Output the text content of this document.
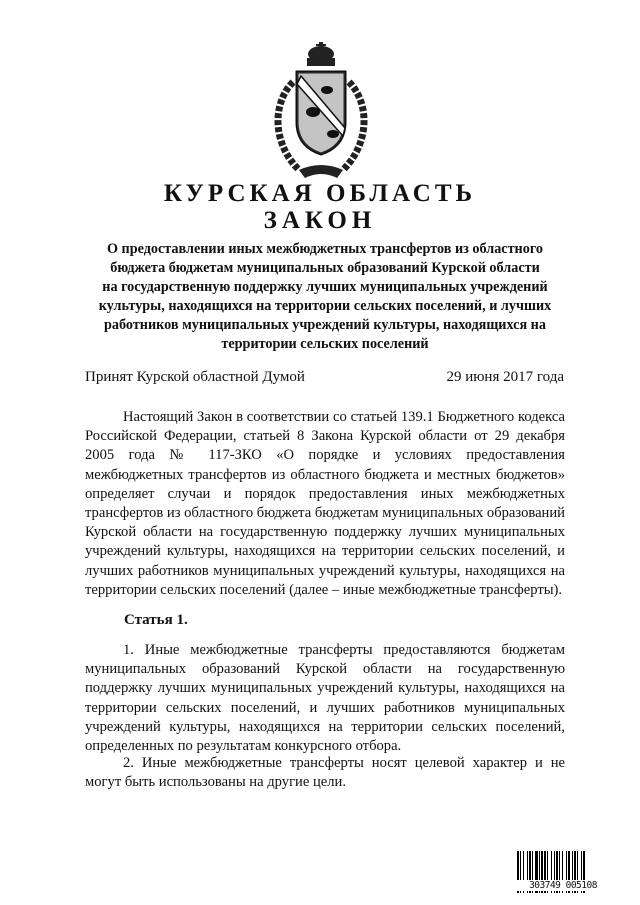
КУРСКАЯ ОБЛАСТЬ
ЗАКОН
О предоставлении иных межбюджетных трансфертов из областного
бюджета бюджетам муниципальных образований Курской области
на государственную поддержку лучших муниципальных учреждений
культуры, находящихся на территории сельских поселений, и лучших
работников муниципальных учреждений культуры, находящихся на
территории сельских поселений
Принят Курской областной Думой	29 июня 2017 года

Настоящий Закон в соответствии со статьей 139.1 Бюджетного кодекса Российской Федерации, статьей 8 Закона Курской области от 29 декабря 2005 года № 117-ЗКО «О порядке и условиях предоставления межбюджетных трансфертов из областного бюджета и местных бюджетов» определяет случаи и порядок предоставления иных межбюджетных трансфертов из областного бюджета бюджетам муниципальных образований Курской области на государственную поддержку лучших муниципальных учреждений культуры, находящихся на территории сельских поселений, и лучших работников муниципальных учреждений культуры, находящихся на территории сельских поселений (далее – иные межбюджетные трансферты).

Статья 1.

1. Иные межбюджетные трансферты предоставляются бюджетам муниципальных образований Курской области на государственную поддержку лучших муниципальных учреждений культуры, находящихся на территории сельских поселений, и лучших работников муниципальных учреждений культуры, находящихся на территории сельских поселений, определенных по результатам конкурсного отбора.

2. Иные межбюджетные трансферты носят целевой характер и не могут быть использованы на другие цели.

303749 005108
